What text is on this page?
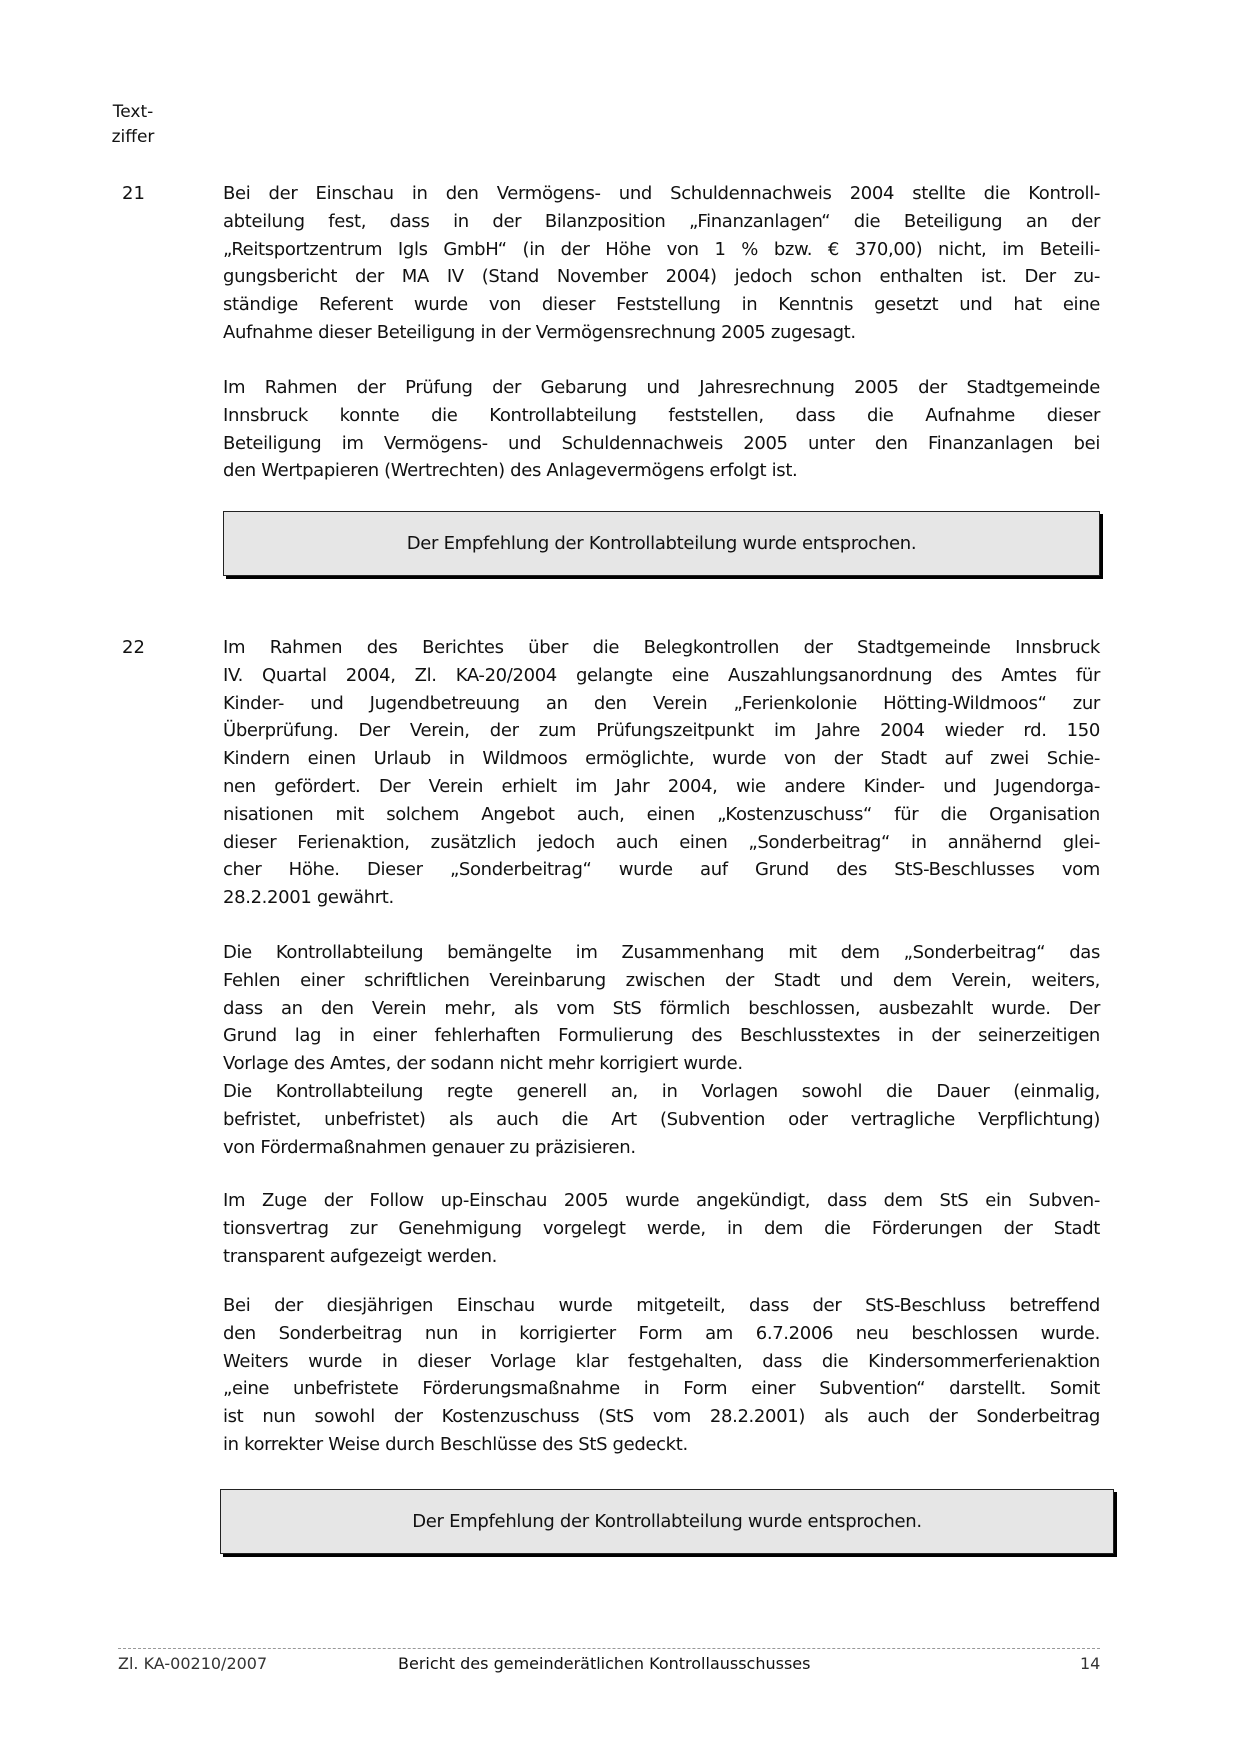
Text-
ziffer
21	Bei der Einschau in den Vermögens- und Schuldennachweis 2004 stellte die Kontroll-
abteilung fest, dass in der Bilanzposition „Finanzanlagen“ die Beteiligung an der
„Reitsportzentrum Igls GmbH“ (in der Höhe von 1 % bzw. € 370,00) nicht, im Beteili-
gungsbericht der MA IV (Stand November 2004) jedoch schon enthalten ist. Der zu-
ständige Referent wurde von dieser Feststellung in Kenntnis gesetzt und hat eine
Aufnahme dieser Beteiligung in der Vermögensrechnung 2005 zugesagt.
Im Rahmen der Prüfung der Gebarung und Jahresrechnung 2005 der Stadtgemeinde
Innsbruck konnte die Kontrollabteilung feststellen, dass die Aufnahme dieser
Beteiligung im Vermögens- und Schuldennachweis 2005 unter den Finanzanlagen bei
den Wertpapieren (Wertrechten) des Anlagevermögens erfolgt ist.
Der Empfehlung der Kontrollabteilung wurde entsprochen.
22	Im Rahmen des Berichtes über die Belegkontrollen der Stadtgemeinde Innsbruck
IV. Quartal 2004, Zl. KA-20/2004 gelangte eine Auszahlungsanordnung des Amtes für
Kinder- und Jugendbetreuung an den Verein „Ferienkolonie Hötting-Wildmoos“ zur
Überprüfung. Der Verein, der zum Prüfungszeitpunkt im Jahre 2004 wieder rd. 150
Kindern einen Urlaub in Wildmoos ermöglichte, wurde von der Stadt auf zwei Schie-
nen gefördert. Der Verein erhielt im Jahr 2004, wie andere Kinder- und Jugendorga-
nisationen mit solchem Angebot auch, einen „Kostenzuschuss“ für die Organisation
dieser Ferienaktion, zusätzlich jedoch auch einen „Sonderbeitrag“ in annähernd glei-
cher Höhe. Dieser „Sonderbeitrag“ wurde auf Grund des StS-Beschlusses vom
28.2.2001 gewährt.
Die Kontrollabteilung bemängelte im Zusammenhang mit dem „Sonderbeitrag“ das
Fehlen einer schriftlichen Vereinbarung zwischen der Stadt und dem Verein, weiters,
dass an den Verein mehr, als vom StS förmlich beschlossen, ausbezahlt wurde. Der
Grund lag in einer fehlerhaften Formulierung des Beschlusstextes in der seinerzeitigen
Vorlage des Amtes, der sodann nicht mehr korrigiert wurde.
Die Kontrollabteilung regte generell an, in Vorlagen sowohl die Dauer (einmalig,
befristet, unbefristet) als auch die Art (Subvention oder vertragliche Verpflichtung)
von Fördermaßnahmen genauer zu präzisieren.
Im Zuge der Follow up-Einschau 2005 wurde angekündigt, dass dem StS ein Subven-
tionsvertrag zur Genehmigung vorgelegt werde, in dem die Förderungen der Stadt
transparent aufgezeigt werden.
Bei der diesjährigen Einschau wurde mitgeteilt, dass der StS-Beschluss betreffend
den Sonderbeitrag nun in korrigierter Form am 6.7.2006 neu beschlossen wurde.
Weiters wurde in dieser Vorlage klar festgehalten, dass die Kindersommerferienaktion
„eine unbefristete Förderungsmaßnahme in Form einer Subvention“ darstellt. Somit
ist nun sowohl der Kostenzuschuss (StS vom 28.2.2001) als auch der Sonderbeitrag
in korrekter Weise durch Beschlüsse des StS gedeckt.
Der Empfehlung der Kontrollabteilung wurde entsprochen.
Zl. KA-00210/2007	Bericht des gemeinderätlichen Kontrollausschusses	14
